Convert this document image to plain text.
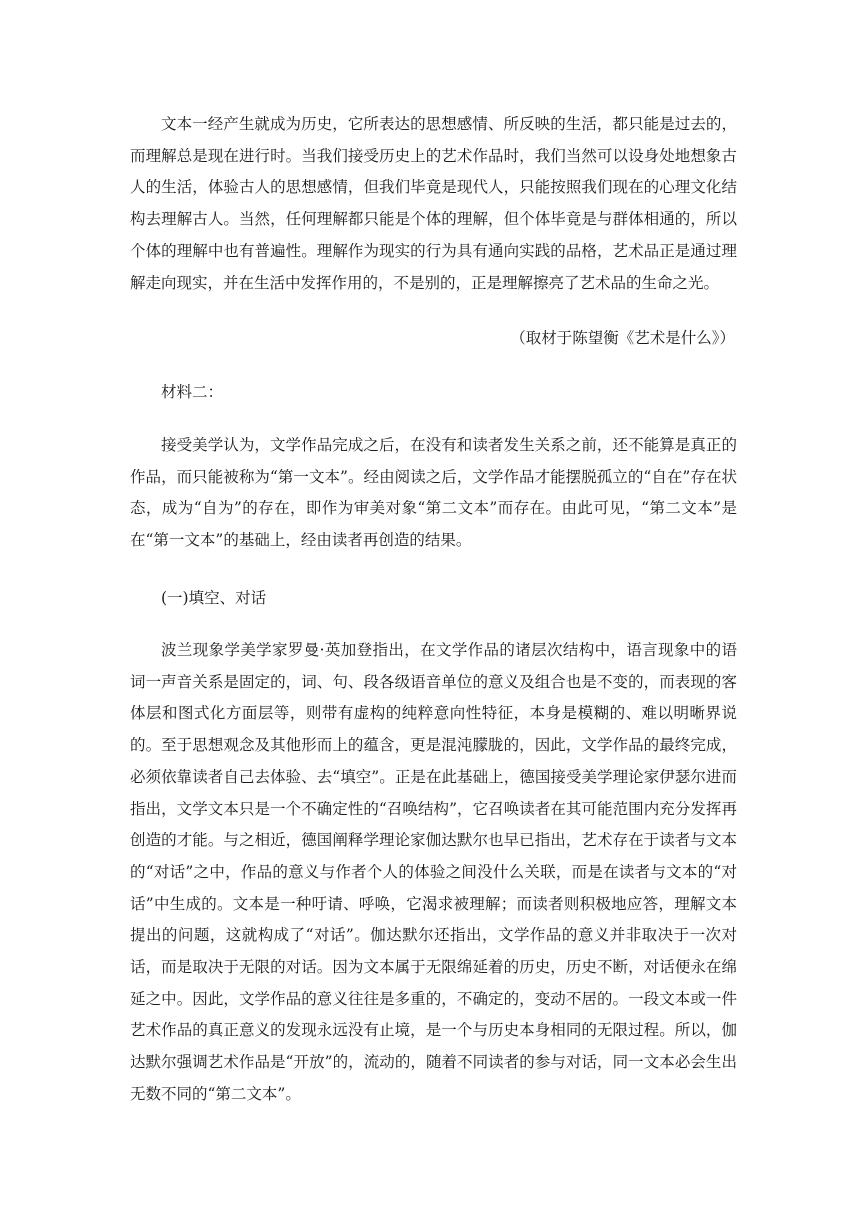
文本一经产生就成为历史，它所表达的思想感情、所反映的生活，都只能是过去的，而理解总是现在进行时。当我们接受历史上的艺术作品时，我们当然可以设身处地想象古人的生活，体验古人的思想感情，但我们毕竟是现代人，只能按照我们现在的心理文化结构去理解古人。当然，任何理解都只能是个体的理解，但个体毕竟是与群体相通的，所以个体的理解中也有普遍性。理解作为现实的行为具有通向实践的品格，艺术品正是通过理解走向现实，并在生活中发挥作用的，不是别的，正是理解擦亮了艺术品的生命之光。

（取材于陈望衡《艺术是什么》）

材料二：

接受美学认为，文学作品完成之后，在没有和读者发生关系之前，还不能算是真正的作品，而只能被称为“第一文本”。经由阅读之后，文学作品才能摆脱孤立的“自在”存在状态，成为“自为”的存在，即作为审美对象“第二文本”而存在。由此可见，“第二文本”是在“第一文本”的基础上，经由读者再创造的结果。

(一)填空、对话

波兰现象学美学家罗曼·英加登指出，在文学作品的诸层次结构中，语言现象中的语词一声音关系是固定的，词、句、段各级语音单位的意义及组合也是不变的，而表现的客体层和图式化方面层等，则带有虚构的纯粹意向性特征，本身是模糊的、难以明晰界说的。至于思想观念及其他形而上的蕴含，更是混沌朦胧的，因此，文学作品的最终完成，必须依靠读者自己去体验、去“填空”。正是在此基础上，德国接受美学理论家伊瑟尔进而指出，文学文本只是一个不确定性的“召唤结构”，它召唤读者在其可能范围内充分发挥再创造的才能。与之相近，德国阐释学理论家伽达默尔也早已指出，艺术存在于读者与文本的“对话”之中，作品的意义与作者个人的体验之间没什么关联，而是在读者与文本的“对话”中生成的。文本是一种吁请、呼唤，它渴求被理解；而读者则积极地应答，理解文本提出的问题，这就构成了“对话”。伽达默尔还指出，文学作品的意义并非取决于一次对话，而是取决于无限的对话。因为文本属于无限绵延着的历史，历史不断，对话便永在绵延之中。因此，文学作品的意义往往是多重的，不确定的，变动不居的。一段文本或一件艺术作品的真正意义的发现永远没有止境，是一个与历史本身相同的无限过程。所以，伽达默尔强调艺术作品是“开放”的，流动的，随着不同读者的参与对话，同一文本必会生出无数不同的“第二文本”。
